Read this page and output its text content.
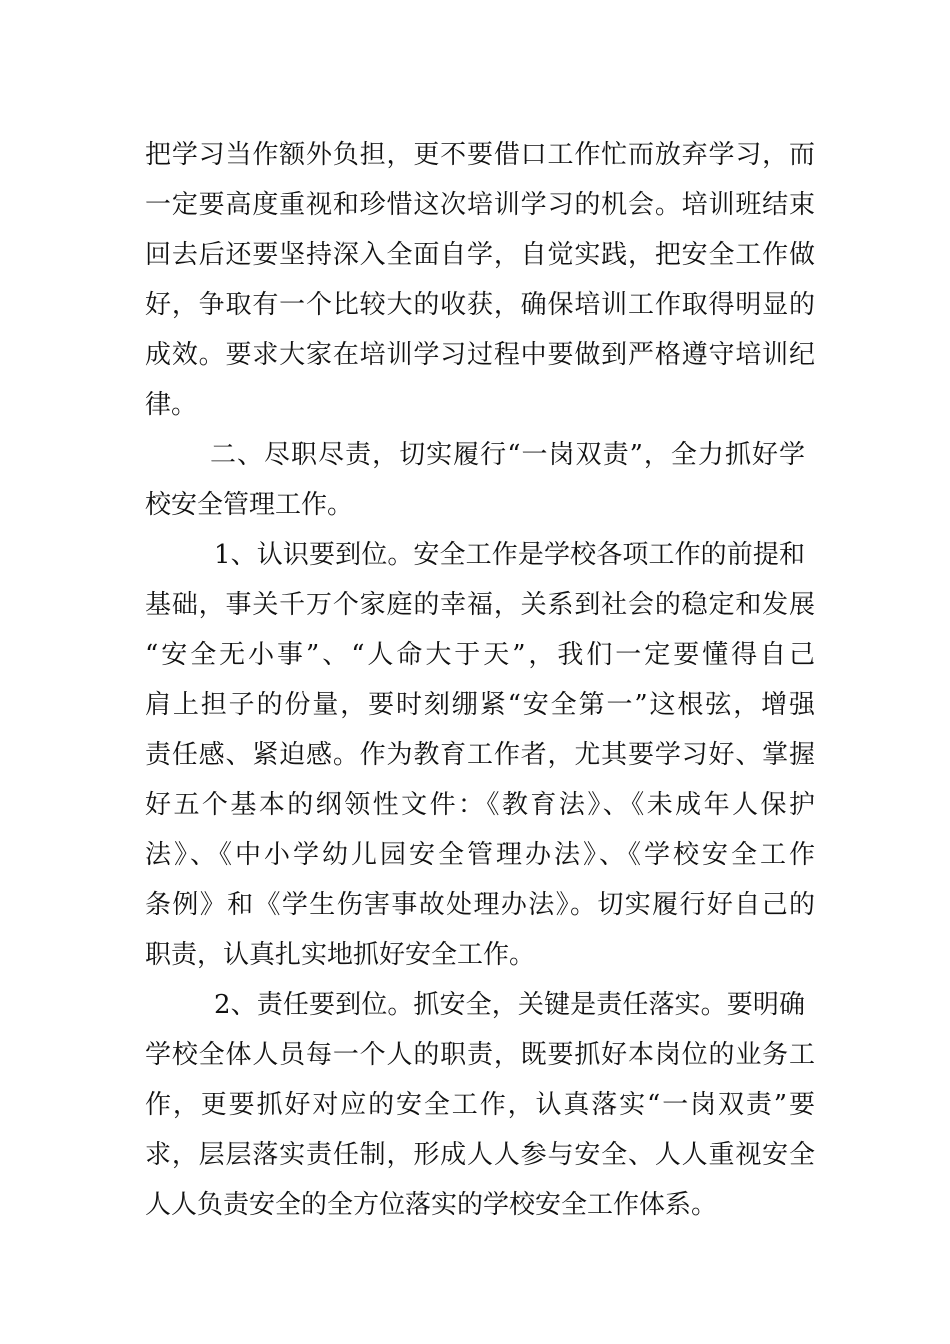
把学习当作额外负担，更不要借口工作忙而放弃学习，而
一定要高度重视和珍惜这次培训学习的机会。培训班结束
回去后还要坚持深入全面自学，自觉实践，把安全工作做
好，争取有一个比较大的收获，确保培训工作取得明显的
成效。要求大家在培训学习过程中要做到严格遵守培训纪
律。
二、尽职尽责，切实履行“一岗双责”，全力抓好学
校安全管理工作。
1、认识要到位。安全工作是学校各项工作的前提和
基础，事关千万个家庭的幸福，关系到社会的稳定和发展
“安全无小事”、“人命大于天”，我们一定要懂得自己
肩上担子的份量，要时刻绷紧“安全第一”这根弦，增强
责任感、紧迫感。作为教育工作者，尤其要学习好、掌握
好五个基本的纲领性文件：《教育法》、《未成年人保护
法》、《中小学幼儿园安全管理办法》、《学校安全工作
条例》和《学生伤害事故处理办法》。切实履行好自己的
职责，认真扎实地抓好安全工作。
2、责任要到位。抓安全，关键是责任落实。要明确
学校全体人员每一个人的职责，既要抓好本岗位的业务工
作，更要抓好对应的安全工作，认真落实“一岗双责”要
求，层层落实责任制，形成人人参与安全、人人重视安全
人人负责安全的全方位落实的学校安全工作体系。
